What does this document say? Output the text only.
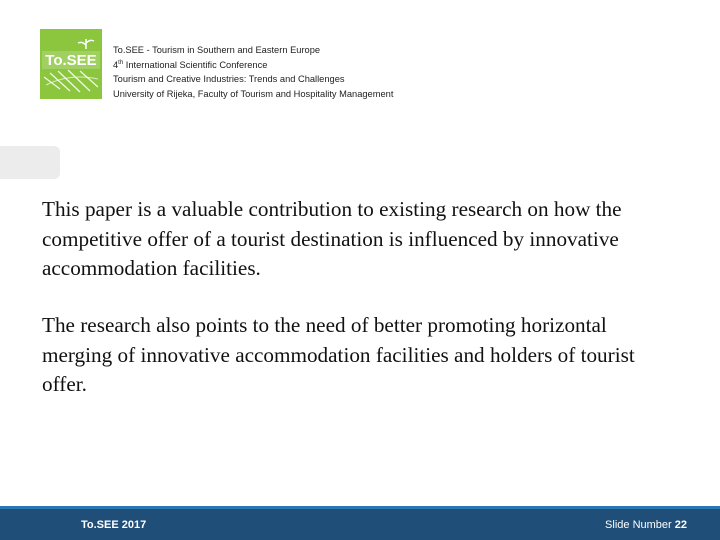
To.SEE
To.SEE - Tourism in Southern and Eastern Europe
4th International Scientific Conference
Tourism and Creative Industries: Trends and Challenges
University of Rijeka, Faculty of Tourism and Hospitality Management

This paper is a valuable contribution to existing research on how the competitive offer of a tourist destination is influenced by innovative accommodation facilities.

The research also points to the need of better promoting horizontal merging of innovative accommodation facilities and holders of tourist offer.

To.SEE 2017	Slide Number 22
